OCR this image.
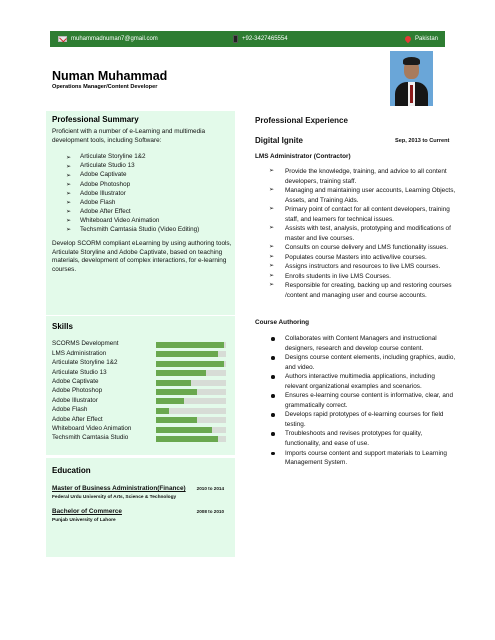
muhammadnuman7@gmail.com	+92-3427465554	Pakistan
Numan Muhammad
Operations Manager/Content Developer
Professional Summary
Proficient with a number of e-Learning and multimedia development tools, including Software:
➢	Articulate Storyline 1&2
➢	Articulate Studio 13
➢	Adobe Captivate
➢	Adobe Photoshop
➢	Adobe Illustrator
➢	Adobe Flash
➢	Adobe After Effect
➢	Whiteboard Video Animation
➢	Techsmith Camtasia Studio (Video Editing)
Develop SCORM compliant eLearning by using authoring tools, Articulate Storyline and Adobe Captivate, based on teaching materials, development of complex interactions, for e-learning courses.
Skills
SCORMS Development
LMS Administration
Articulate Storyline 1&2
Articulate Studio 13
Adobe Captivate
Adobe Photoshop
Adobe Illustrator
Adobe Flash
Adobe After Effect
Whiteboard Video Animation
Techsmith Camtasia Studio
Education
Master of Business Administration(Finance)	2010 to 2014
Federal Urdu University of Arts, Science & Technology
Bachelor of Commerce	2008 to 2010
Punjab University of Lahore
Professional Experience
Digital Ignite	Sep, 2013 to Current
LMS Administrator (Contractor)
➢	Provide the knowledge, training, and advice to all content developers, training staff.
➢	Managing and maintaining user accounts, Learning Objects, Assets, and Training Aids.
➢	Primary point of contact for all content developers, training staff, and learners for technical issues.
➢	Assists with test, analysis, prototyping and modifications of master and live courses.
➢	Consults on course delivery and LMS functionality issues.
➢	Populates course Masters into active/live courses.
➢	Assigns instructors and resources to live LMS courses.
➢	Enrolls students in live LMS Courses.
➢	Responsible for creating, backing up and restoring courses /content and managing user and course accounts.
Course Authoring
Collaborates with Content Managers and instructional designers, research and develop course content.
Designs course content elements, including graphics, audio, and video.
Authors interactive multimedia applications, including relevant organizational examples and scenarios.
Ensures e-learning course content is informative, clear, and grammatically correct.
Develops rapid prototypes of e-learning courses for field testing.
Troubleshoots and revises prototypes for quality, functionality, and ease of use.
Imports course content and support materials to Learning Management System.
